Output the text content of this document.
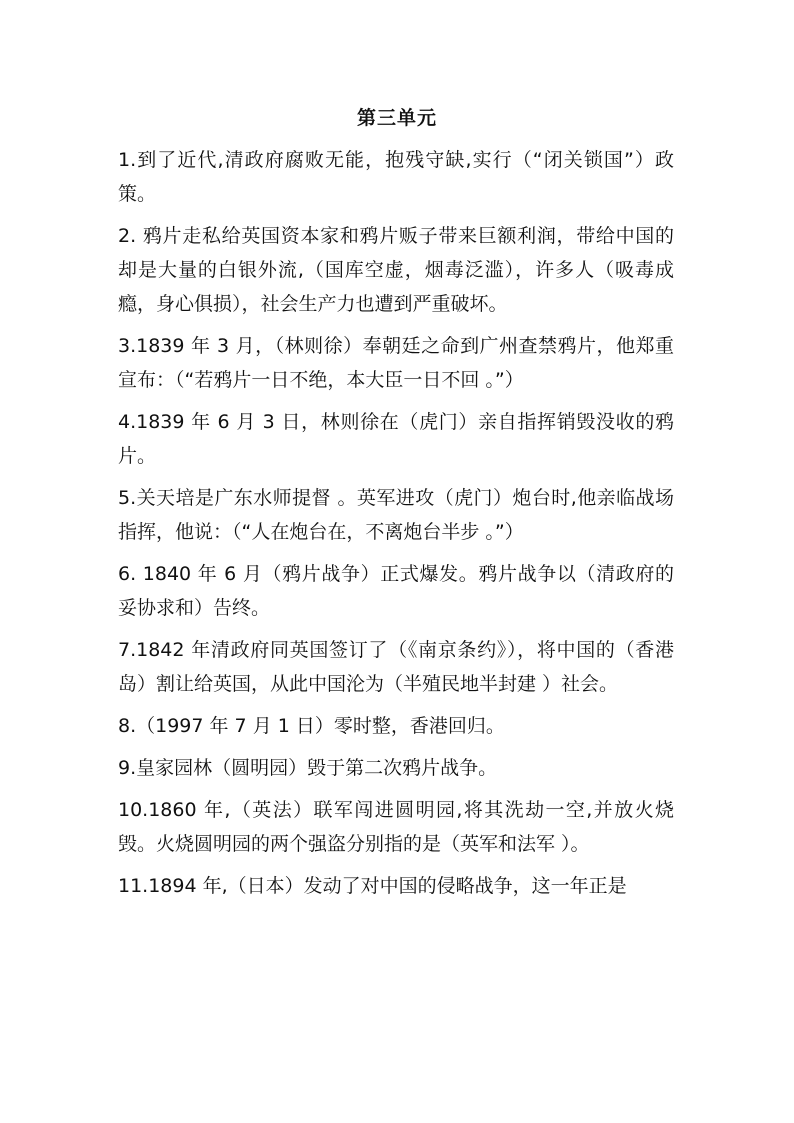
第三单元

1.到了近代,清政府腐败无能，抱残守缺,实行（“闭关锁国”）政策。

2. 鸦片走私给英国资本家和鸦片贩子带来巨额利润，带给中国的却是大量的白银外流,（国库空虚，烟毒泛滥），许多人（吸毒成瘾，身心俱损），社会生产力也遭到严重破坏。

3.1839 年 3 月，（林则徐）奉朝廷之命到广州查禁鸦片，他郑重宣布：（“若鸦片一日不绝，本大臣一日不回 。”）

4.1839 年 6 月 3 日，林则徐在（虎门）亲自指挥销毁没收的鸦片。

5.关天培是广东水师提督 。英军进攻（虎门）炮台时,他亲临战场指挥，他说：（“人在炮台在，不离炮台半步 。”）

6. 1840 年 6 月（鸦片战争）正式爆发。鸦片战争以（清政府的妥协求和）告终。

7.1842 年清政府同英国签订了（《南京条约》），将中国的（香港岛）割让给英国，从此中国沦为（半殖民地半封建 ）社会。

8.（1997 年 7 月 1 日）零时整，香港回归。

9.皇家园林（圆明园）毁于第二次鸦片战争。

10.1860 年,（英法）联军闯进圆明园,将其洗劫一空,并放火烧毁。火烧圆明园的两个强盗分别指的是（英军和法军 ）。

11.1894 年,（日本）发动了对中国的侵略战争，这一年正是
